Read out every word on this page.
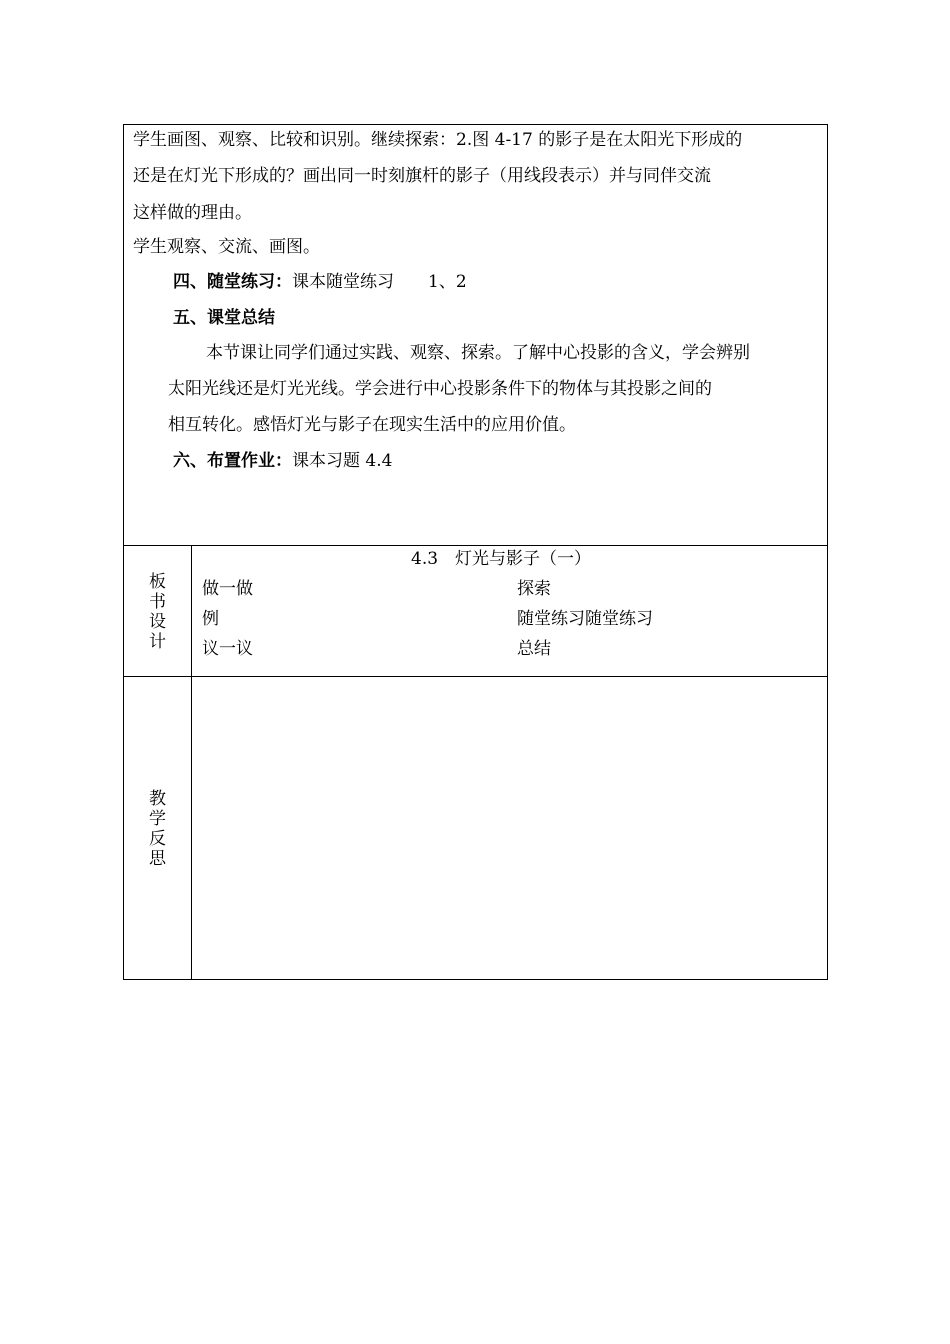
学生画图、观察、比较和识别。继续探索：2.图 4-17 的影子是在太阳光下形成的
还是在灯光下形成的？画出同一时刻旗杆的影子（用线段表示）并与同伴交流
这样做的理由。
学生观察、交流、画图。
四、随堂练习：课本随堂练习　　1、2
五、课堂总结
本节课让同学们通过实践、观察、探索。了解中心投影的含义，学会辨别
太阳光线还是灯光光线。学会进行中心投影条件下的物体与其投影之间的
相互转化。感悟灯光与影子在现实生活中的应用价值。
六、布置作业：课本习题 4.4
板
书
设
计
4.3　灯光与影子（一）
做一做
例
议一议
探索
随堂练习随堂练习
总结
教
学
反
思
